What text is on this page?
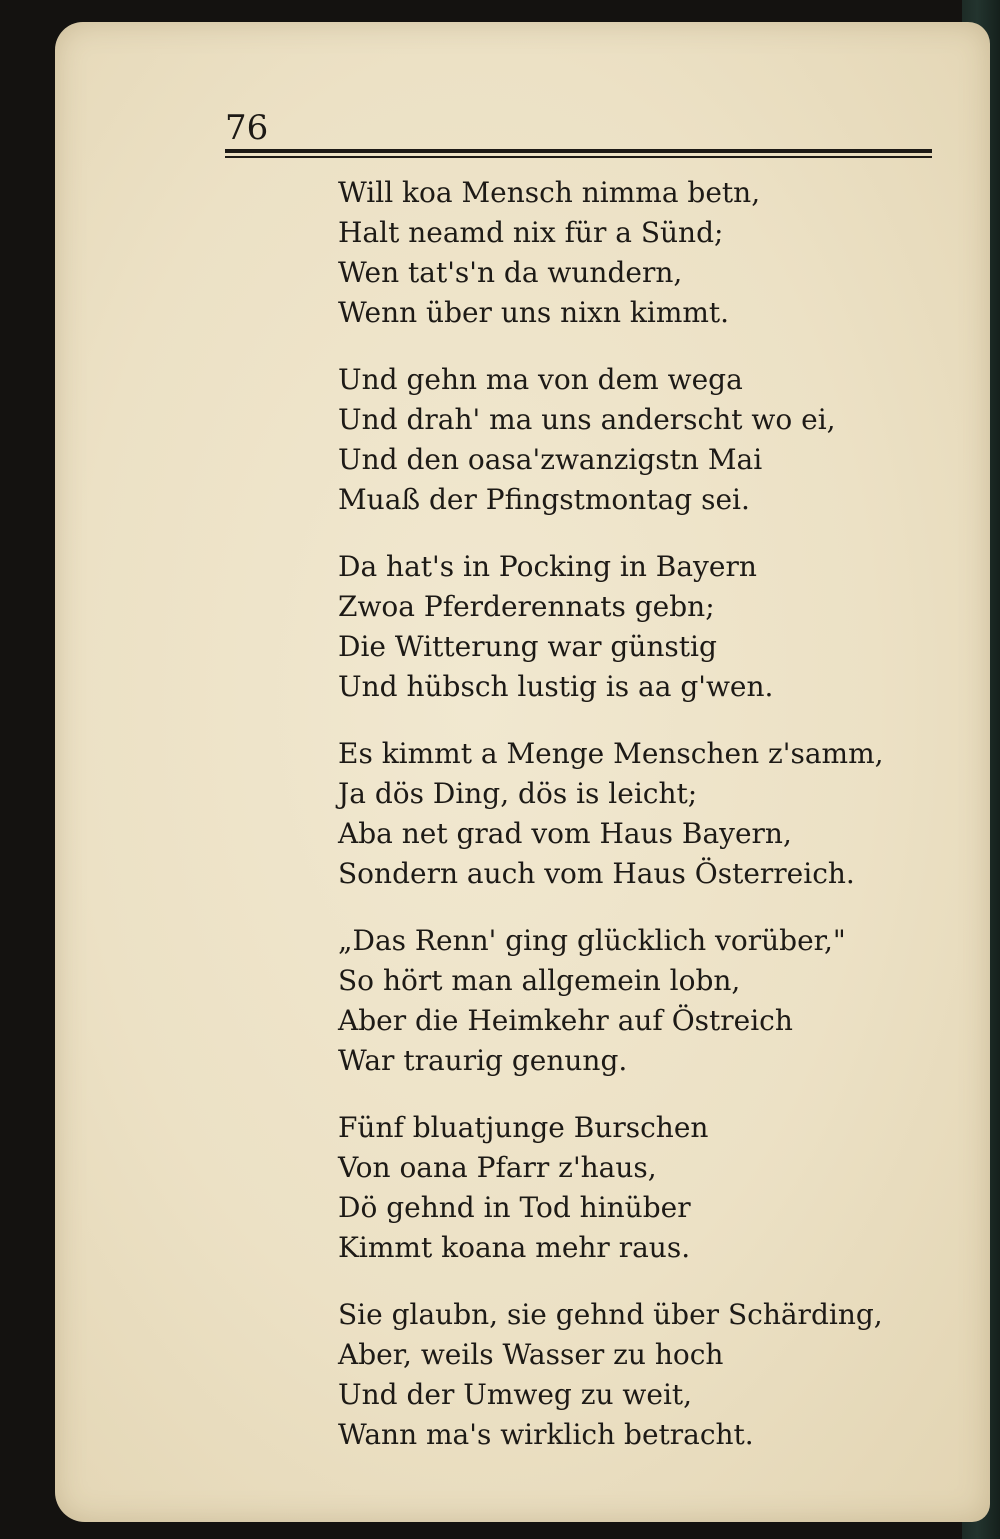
76
Will koa Mensch nimma betn,
Halt neamd nix für a Sünd;
Wen tat's'n da wundern,
Wenn über uns nixn kimmt.
Und gehn ma von dem wega
Und drah' ma uns anderscht wo ei,
Und den oasa'zwanzigstn Mai
Muaß der Pfingstmontag sei.
Da hat's in Pocking in Bayern
Zwoa Pferderennats gebn;
Die Witterung war günstig
Und hübsch lustig is aa g'wen.
Es kimmt a Menge Menschen z'samm,
Ja dös Ding, dös is leicht;
Aba net grad vom Haus Bayern,
Sondern auch vom Haus Österreich.
„Das Renn' ging glücklich vorüber,"
So hört man allgemein lobn,
Aber die Heimkehr auf Östreich
War traurig genung.
Fünf bluatjunge Burschen
Von oana Pfarr z'haus,
Dö gehnd in Tod hinüber
Kimmt koana mehr raus.
Sie glaubn, sie gehnd über Schärding,
Aber, weils Wasser zu hoch
Und der Umweg zu weit,
Wann ma's wirklich betracht.
